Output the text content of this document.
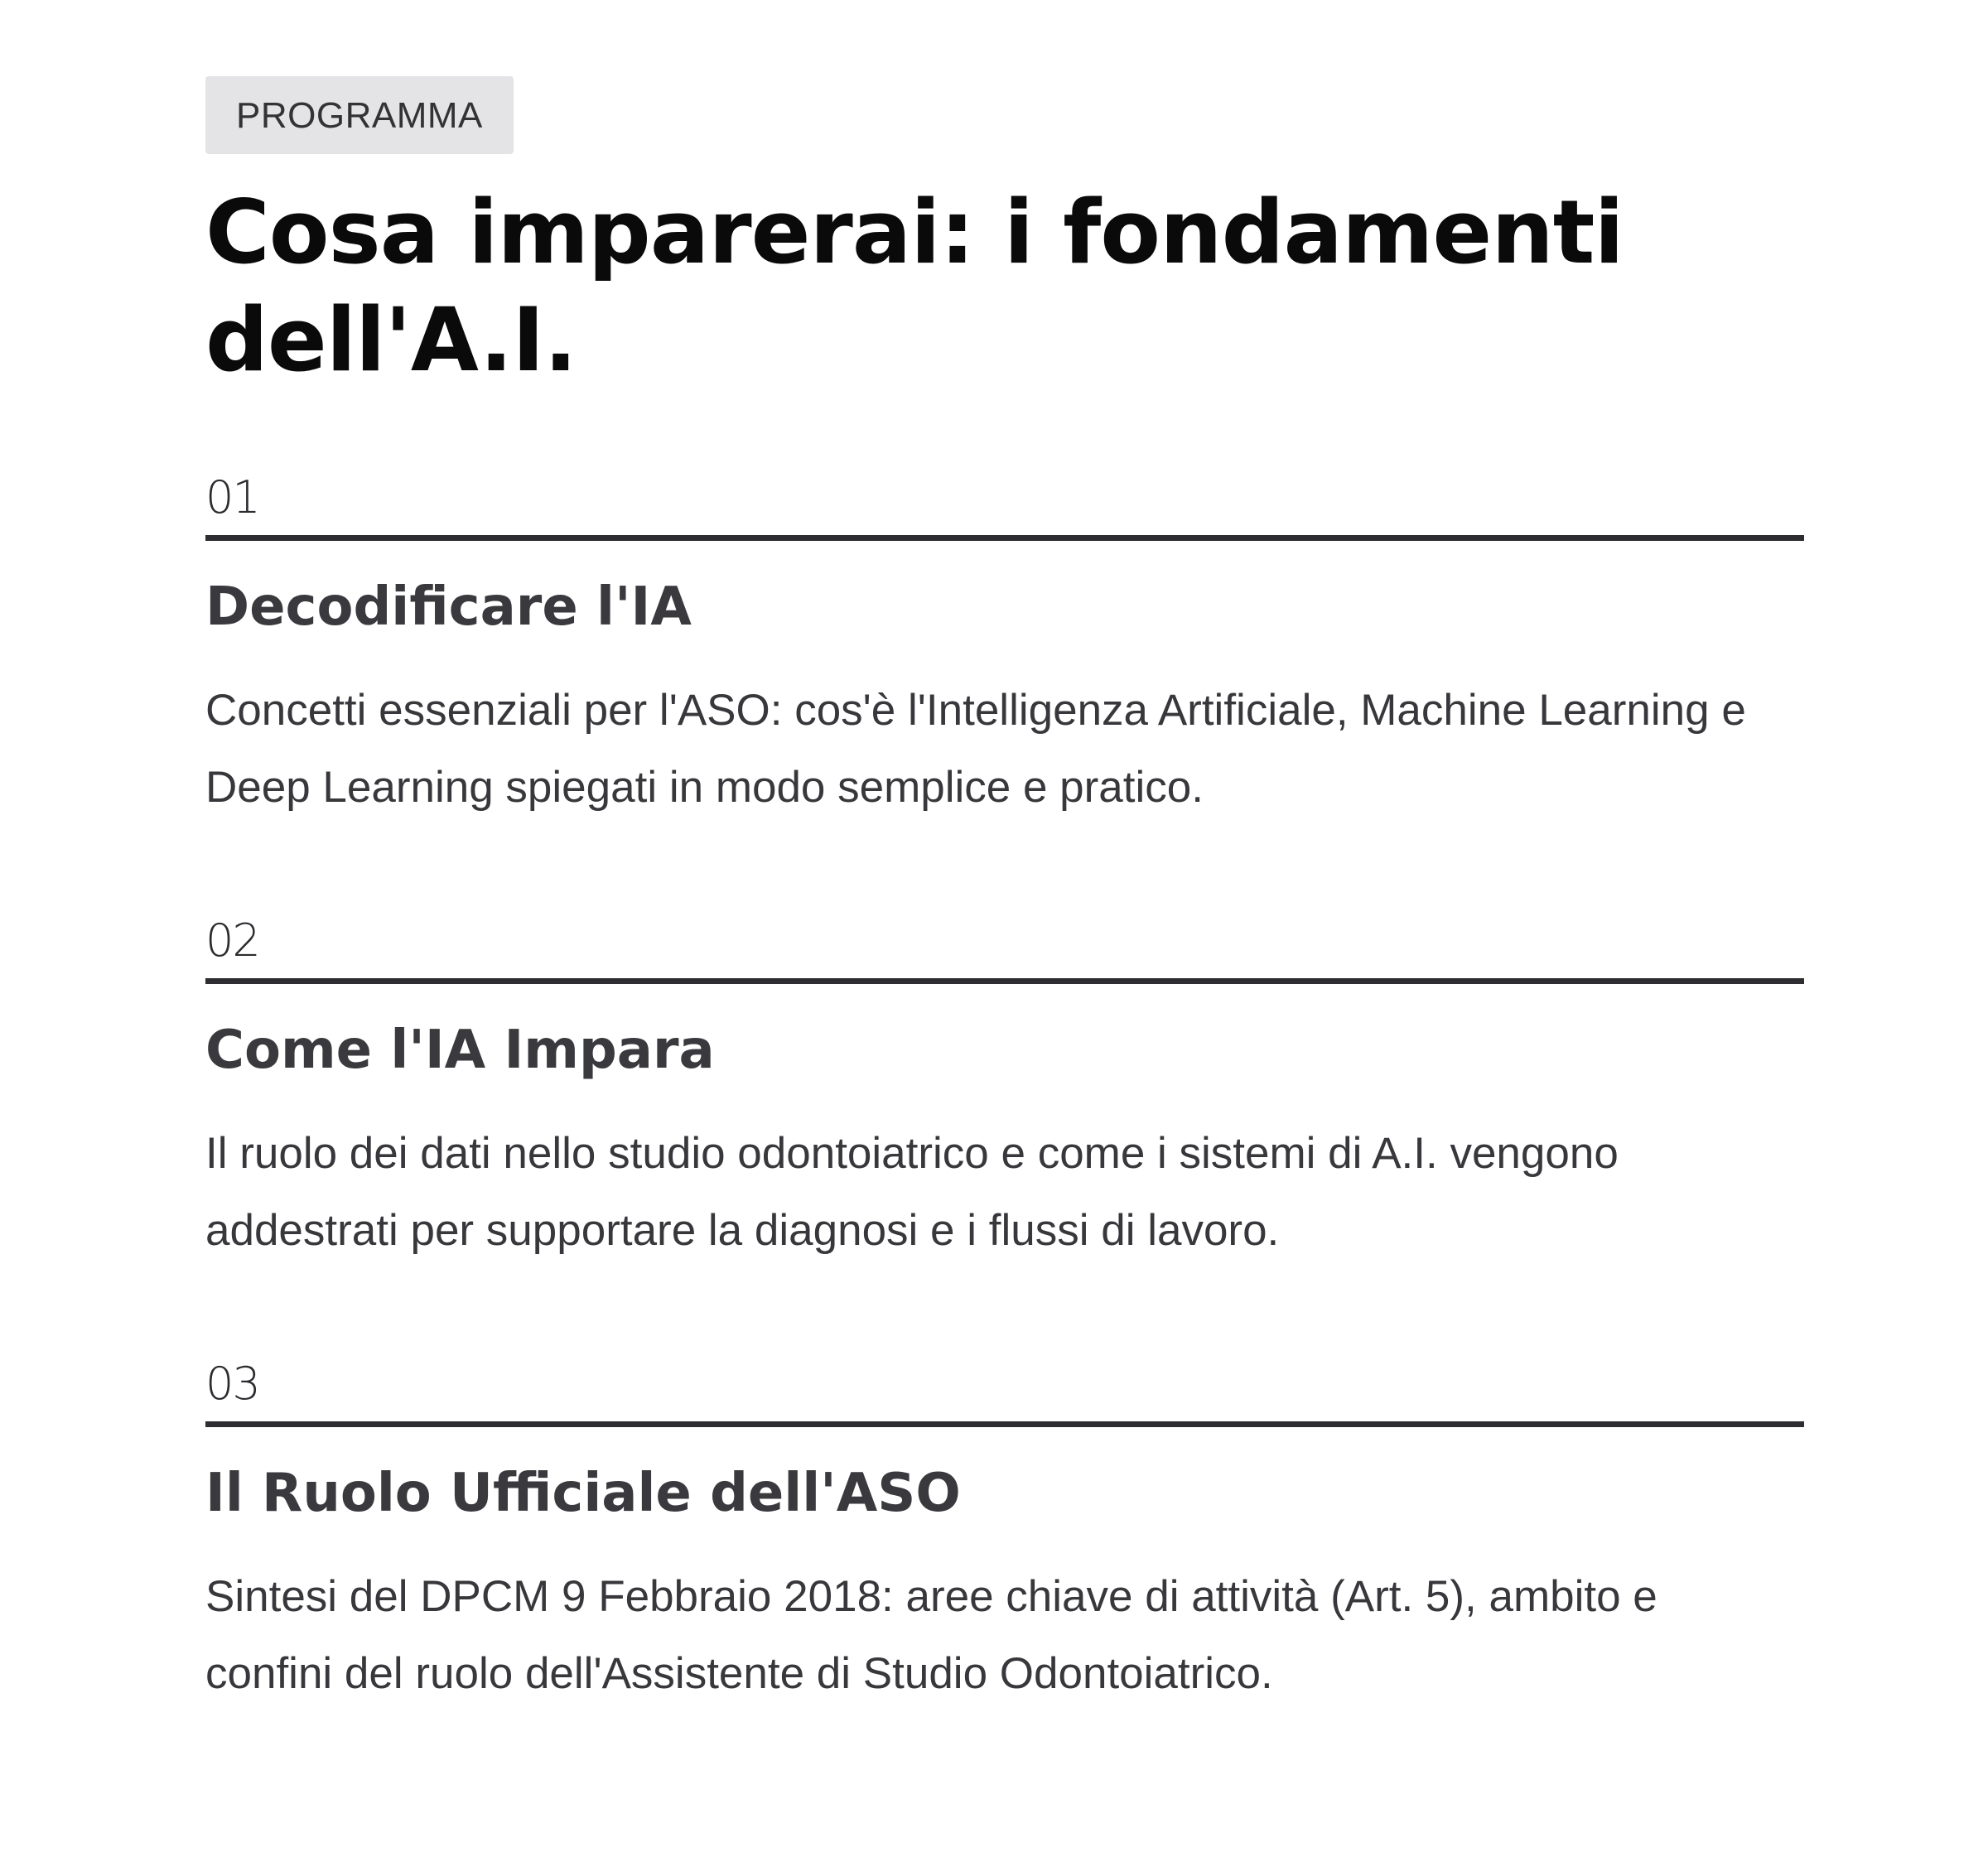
PROGRAMMA
Cosa imparerai: i fondamenti dell'A.I.
01
Decodificare l'IA

Concetti essenziali per l'ASO: cos'è l'Intelligenza Artificiale, Machine Learning e Deep Learning spiegati in modo semplice e pratico.

02
Come l'IA Impara

Il ruolo dei dati nello studio odontoiatrico e come i sistemi di A.I. vengono addestrati per supportare la diagnosi e i flussi di lavoro.

03
Il Ruolo Ufficiale dell'ASO

Sintesi del DPCM 9 Febbraio 2018: aree chiave di attività (Art. 5), ambito e confini del ruolo dell'Assistente di Studio Odontoiatrico.
